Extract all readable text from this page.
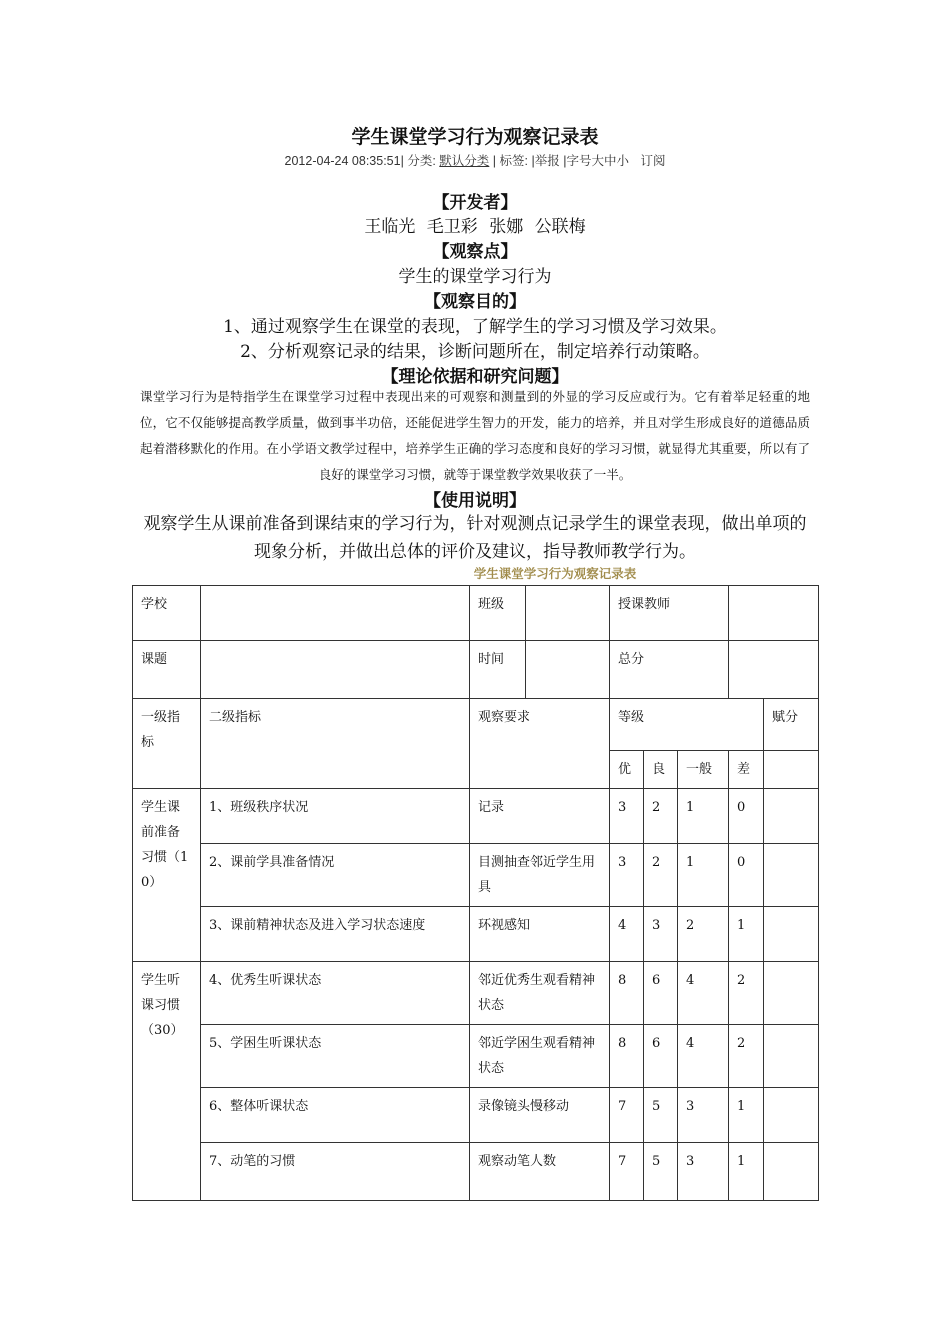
学生课堂学习行为观察记录表
2012-04-24 08:35:51| 分类: 默认分类 | 标签: |举报 |字号大中小 订阅
【开发者】
王临光 毛卫彩 张娜 公联梅
【观察点】
学生的课堂学习行为
【观察目的】
1、通过观察学生在课堂的表现，了解学生的学习习惯及学习效果。
2、分析观察记录的结果，诊断问题所在，制定培养行动策略。
【理论依据和研究问题】
课堂学习行为是特指学生在课堂学习过程中表现出来的可观察和测量到的外显的学习反应或行为。它有着举足轻重的地位，它不仅能够提高教学质量，做到事半功倍，还能促进学生智力的开发，能力的培养，并且对学生形成良好的道德品质起着潜移默化的作用。在小学语文教学过程中，培养学生正确的学习态度和良好的学习习惯，就显得尤其重要，所以有了良好的课堂学习习惯，就等于课堂教学效果收获了一半。
【使用说明】
观察学生从课前准备到课结束的学习行为，针对观测点记录学生的课堂表现，做出单项的现象分析，并做出总体的评价及建议，指导教师教学行为。
学生课堂学习行为观察记录表
学校		班级		授课教师				
课题		时间		总分				
一级指标	二级指标	观察要求		等级				赋分
				优	良	一般	差	
学生课前准备习惯（10）	1、班级秩序状况	记录		3	2	1	0	
	2、课前学具准备情况	目测抽查邻近学生用具		3	2	1	0	
	3、课前精神状态及进入学习状态速度	环视感知		4	3	2	1	
学生听课习惯（30）	4、优秀生听课状态	邻近优秀生观看精神状态		8	6	4	2	
	5、学困生听课状态	邻近学困生观看精神状态		8	6	4	2	
	6、整体听课状态	录像镜头慢移动		7	5	3	1	
	7、动笔的习惯	观察动笔人数		7	5	3	1	
